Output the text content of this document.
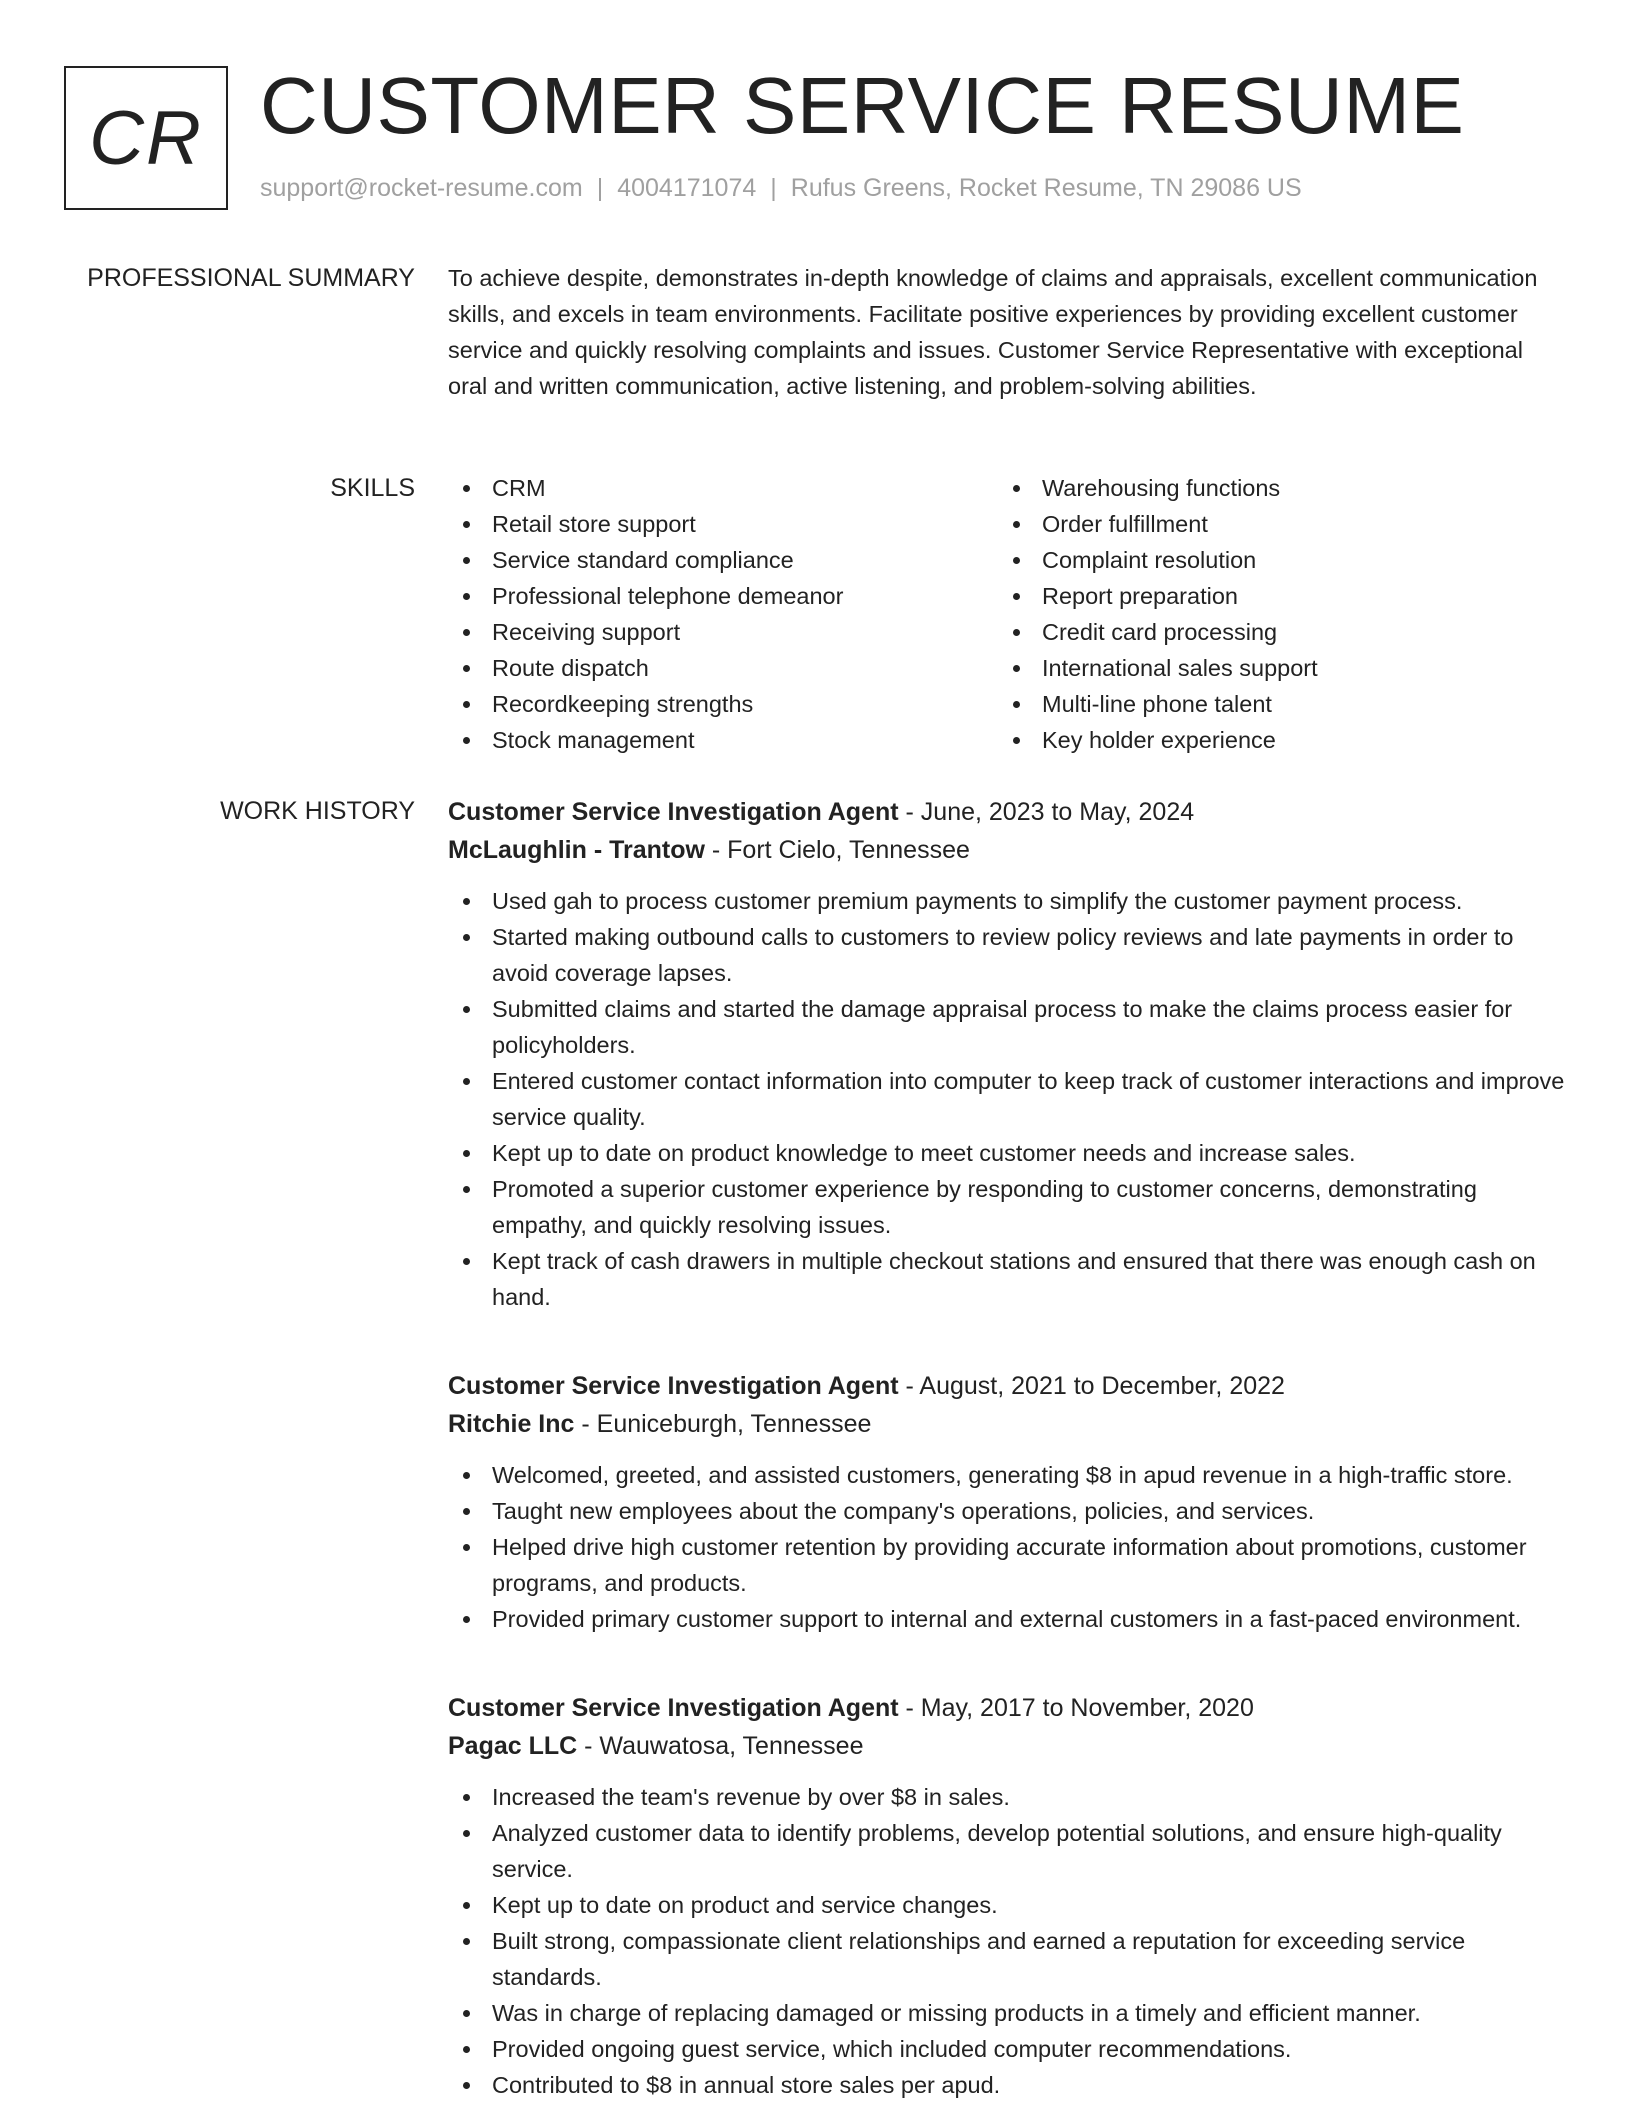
CR CUSTOMER SERVICE RESUME
support@rocket-resume.com | 4004171074 | Rufus Greens, Rocket Resume, TN 29086 US
PROFESSIONAL SUMMARY To achieve despite, demonstrates in-depth knowledge of claims and appraisals, excellent communication skills, and excels in team environments. Facilitate positive experiences by providing excellent customer service and quickly resolving complaints and issues. Customer Service Representative with exceptional oral and written communication, active listening, and problem-solving abilities.

SKILLS	CRM
Retail store support
Service standard compliance
Professional telephone demeanor
Receiving support
Route dispatch
Recordkeeping strengths
Stock management
Warehousing functions
Order fulfillment
Complaint resolution
Report preparation
Credit card processing
International sales support
Multi-line phone talent
Key holder experience
WORK HISTORY Customer Service Investigation Agent - June, 2023 to May, 2024
McLaughlin - Trantow - Fort Cielo, Tennessee
Used gah to process customer premium payments to simplify the customer payment process.
Started making outbound calls to customers to review policy reviews and late payments in order to avoid coverage lapses.
Submitted claims and started the damage appraisal process to make the claims process easier for policyholders.
Entered customer contact information into computer to keep track of customer interactions and improve service quality.
Kept up to date on product knowledge to meet customer needs and increase sales.
Promoted a superior customer experience by responding to customer concerns, demonstrating empathy, and quickly resolving issues.
Kept track of cash drawers in multiple checkout stations and ensured that there was enough cash on hand.
Customer Service Investigation Agent - August, 2021 to December, 2022
Ritchie Inc - Euniceburgh, Tennessee
Welcomed, greeted, and assisted customers, generating $8 in apud revenue in a high-traffic store.
Taught new employees about the company's operations, policies, and services.
Helped drive high customer retention by providing accurate information about promotions, customer programs, and products.
Provided primary customer support to internal and external customers in a fast-paced environment.
Customer Service Investigation Agent - May, 2017 to November, 2020
Pagac LLC - Wauwatosa, Tennessee
Increased the team's revenue by over $8 in sales.
Analyzed customer data to identify problems, develop potential solutions, and ensure high-quality service.
Kept up to date on product and service changes.
Built strong, compassionate client relationships and earned a reputation for exceeding service standards.
Was in charge of replacing damaged or missing products in a timely and efficient manner.
Provided ongoing guest service, which included computer recommendations.
Contributed to $8 in annual store sales per apud.
